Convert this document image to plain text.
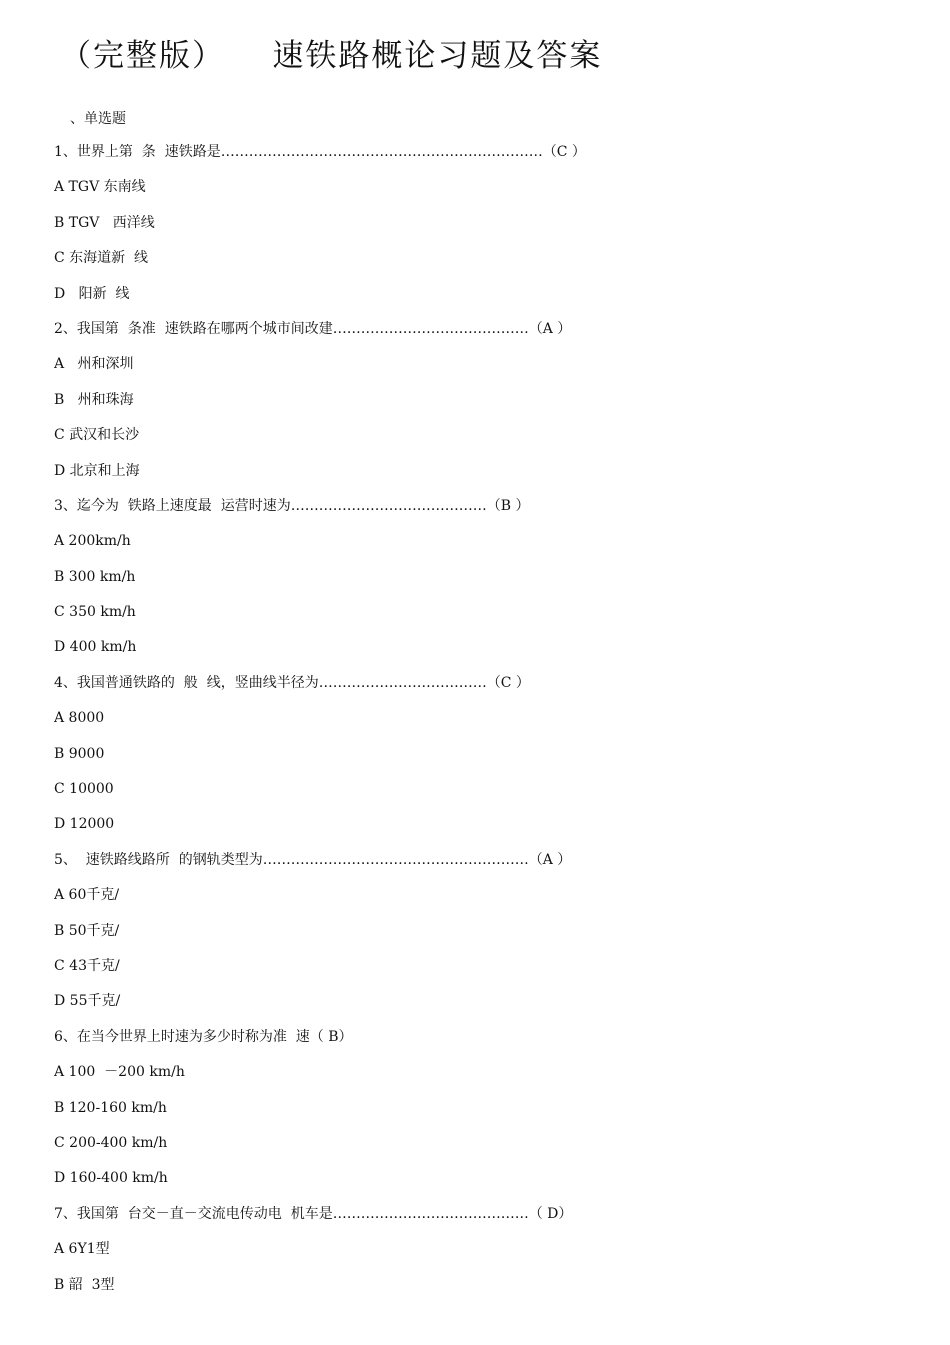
（完整版）    速铁路概论习题及答案
、单选题
1、世界上第  条  速铁路是……………………………………………………………（C ）
A TGV 东南线
B TGV   西洋线
C 东海道新  线
D   阳新  线
2、我国第  条准  速铁路在哪两个城市间改建……………………………………（A ）
A   州和深圳
B   州和珠海
C 武汉和长沙
D 北京和上海
3、迄今为  铁路上速度最  运营时速为……………………………………（B ）
A 200km/h
B 300 km/h
C 350 km/h
D 400 km/h
4、我国普通铁路的  般  线，竖曲线半径为………………………………（C ）
A 8000
B 9000
C 10000
D 12000
5、  速铁路线路所  的钢轨类型为…………………………………………………（A ）
A 60千克/
B 50千克/
C 43千克/
D 55千克/
6、在当今世界上时速为多少时称为准  速（ B）
A 100  －200 km/h
B 120-160 km/h
C 200-400 km/h
D 160-400 km/h
7、我国第  台交－直－交流电传动电  机车是……………………………………（ D）
A 6Y1型
B 韶  3型
